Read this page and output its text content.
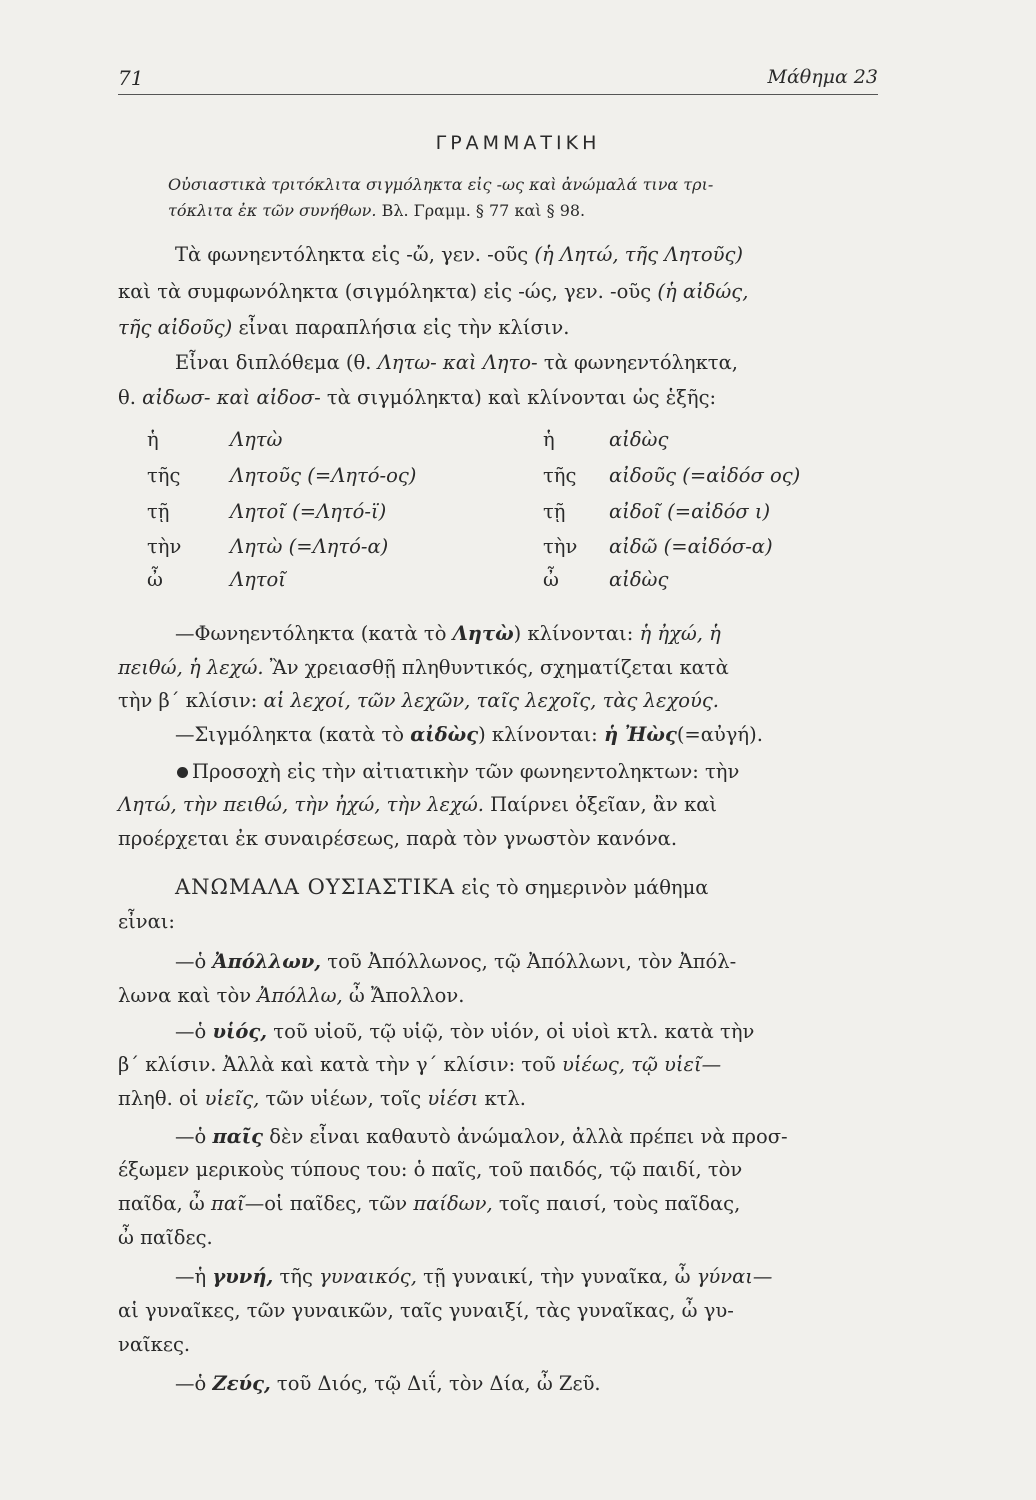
71	Μάθημα 23
ΓΡΑΜΜΑΤΙΚΗ
Οὐσιαστικὰ τριτόκλιτα σιγμόληκτα εἰς -ως καὶ ἀνώμαλά τινα τρι-
τόκλιτα ἐκ τῶν συνήθων. Βλ. Γραμμ. § 77 καὶ § 98.
Τὰ φωνηεντόληκτα εἰς -ὤ, γεν. -οῦς (ἡ Λητώ, τῆς Λητοῦς)
καὶ τὰ συμφωνόληκτα (σιγμόληκτα) εἰς -ώς, γεν. -οῦς (ἡ αἰδώς,
τῆς αἰδοῦς) εἶναι παραπλήσια εἰς τὴν κλίσιν.
Εἶναι διπλόθεμα (θ. Λητω- καὶ Λητο- τὰ φωνηεντόληκτα,
θ. αἰδωσ- καὶ αἰδοσ- τὰ σιγμόληκτα) καὶ κλίνονται ὡς ἑξῆς:
ἡ	Λητὼ	ἡ	αἰδὼς
τῆς	Λητοῦς (=Λητό-ος)	τῆς αἰδοῦς (=αἰδόσ ος)
τῇ	Λητοῖ (=Λητό-ϊ)	τῇ αἰδοῖ (=αἰδόσ ι)
τὴν Λητὼ (=Λητό-α)	τὴν αἰδῶ (=αἰδόσ-α)
ὦ	Λητοῖ	ὦ	αἰδὼς
—Φωνηεντόληκτα (κατὰ τὸ Λητὼ) κλίνονται: ἡ ἠχώ, ἡ
πειθώ, ἡ λεχώ. Ἂν χρειασθῇ πληθυντικός, σχηματίζεται κατὰ
τὴν β΄ κλίσιν: αἱ λεχοί, τῶν λεχῶν, ταῖς λεχοῖς, τὰς λεχούς.
—Σιγμόληκτα (κατὰ τὸ αἰδὼς) κλίνονται: ἡ Ἠὼς(=αὐγή).
Προσοχὴ εἰς τὴν αἰτιατικὴν τῶν φωνηεντοληκτων: τὴν
Λητώ, τὴν πειθώ, τὴν ἠχώ, τὴν λεχώ. Παίρνει ὀξεῖαν, ἂν καὶ
προέρχεται ἐκ συναιρέσεως, παρὰ τὸν γνωστὸν κανόνα.
ΑΝΩΜΑΛΑ ΟΥΣΙΑΣΤΙΚΑ εἰς τὸ σημερινὸν μάθημα
εἶναι:
—ὁ Ἀπόλλων, τοῦ Ἀπόλλωνος, τῷ Ἀπόλλωνι, τὸν Ἀπόλ-
λωνα καὶ τὸν Ἀπόλλω, ὦ Ἄπολλον.
—ὁ υἱός, τοῦ υἱοῦ, τῷ υἱῷ, τὸν υἱόν, οἱ υἱοὶ κτλ. κατὰ τὴν
β΄ κλίσιν. Ἀλλὰ καὶ κατὰ τὴν γ΄ κλίσιν: τοῦ υἱέως, τῷ υἱεῖ—
πληθ. οἱ υἱεῖς, τῶν υἱέων, τοῖς υἱέσι κτλ.
—ὁ παῖς δὲν εἶναι καθαυτὸ ἀνώμαλον, ἀλλὰ πρέπει νὰ προσ-
έξωμεν μερικοὺς τύπους του: ὁ παῖς, τοῦ παιδός, τῷ παιδί, τὸν
παῖδα, ὦ παῖ—οἱ παῖδες, τῶν παίδων, τοῖς παισί, τοὺς παῖδας,
ὦ παῖδες.
—ἡ γυνή, τῆς γυναικός, τῇ γυναικί, τὴν γυναῖκα, ὦ γύναι—
αἱ γυναῖκες, τῶν γυναικῶν, ταῖς γυναιξί, τὰς γυναῖκας, ὦ γυ-
ναῖκες.
—ὁ Ζεύς, τοῦ Διός, τῷ Διΐ, τὸν Δία, ὦ Ζεῦ.
